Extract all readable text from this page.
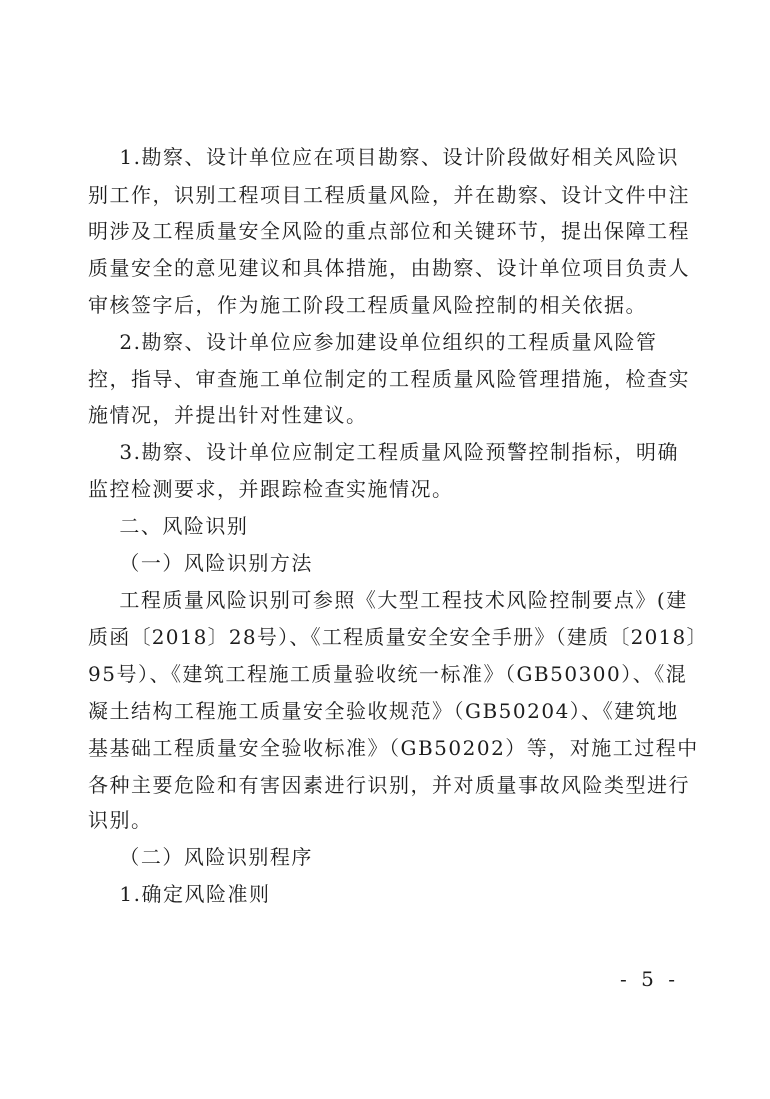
1.勘察、设计单位应在项目勘察、设计阶段做好相关风险识
别工作，识别工程项目工程质量风险，并在勘察、设计文件中注
明涉及工程质量安全风险的重点部位和关键环节，提出保障工程
质量安全的意见建议和具体措施，由勘察、设计单位项目负责人
审核签字后，作为施工阶段工程质量风险控制的相关依据。
2.勘察、设计单位应参加建设单位组织的工程质量风险管
控，指导、审查施工单位制定的工程质量风险管理措施，检查实
施情况，并提出针对性建议。
3.勘察、设计单位应制定工程质量风险预警控制指标，明确
监控检测要求，并跟踪检查实施情况。
二、风险识别
（一）风险识别方法
工程质量风险识别可参照《大型工程技术风险控制要点》(建
质函〔2018〕28号）、《工程质量安全安全手册》（建质〔2018〕
95号）、《建筑工程施工质量验收统一标准》（GB50300）、《混
凝土结构工程施工质量安全验收规范》（GB50204）、《建筑地
基基础工程质量安全验收标准》（GB50202）等，对施工过程中
各种主要危险和有害因素进行识别，并对质量事故风险类型进行
识别。
（二）风险识别程序
1.确定风险准则
- 5 -
